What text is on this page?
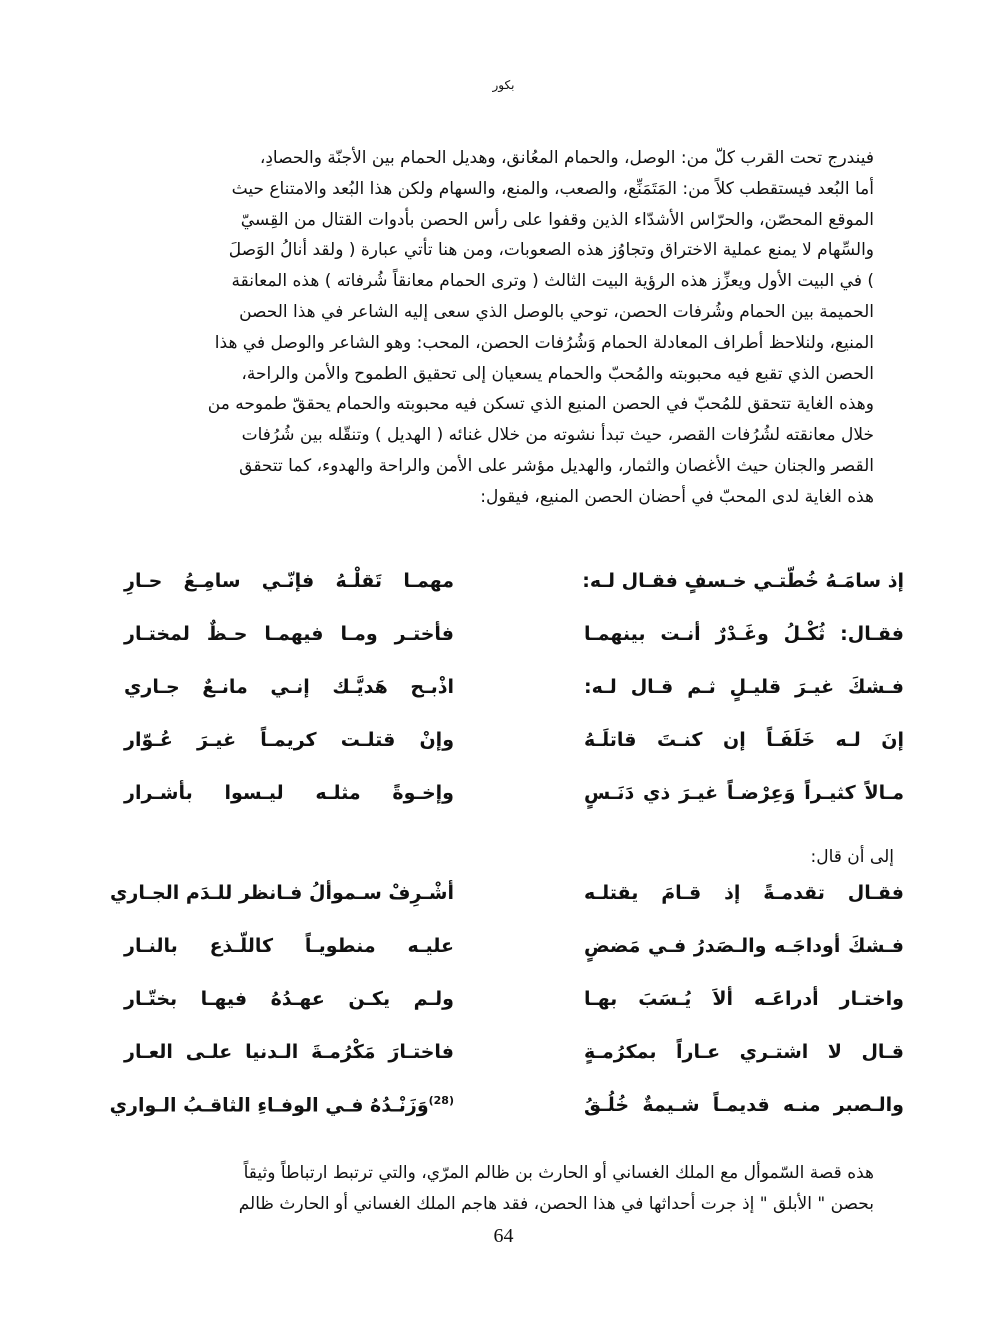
بكور

فيندرج تحت القرب كلّ من: الوصل، والحمام المعُانق، وهديل الحمام بين الأجنّة والحصادِ،

أما البُعد فيستقطب كلاً من: المَتَمَنِّع، والصعب، والمنع، والسهام ولكن هذا البُعد والامتناع حيث

الموقع المحصّن، والحرّاس الأشدّاء الذين وقفوا على رأس الحصن بأدوات القتال من القِسيّ

والسِّهام لا يمنع عملية الاختراق وتجاوُز هذه الصعوبات، ومن هنا تأتي عبارة ( ولقد أنالُ الوَصلَ

) في البيت الأول ويعزِّز هذه الرؤية البيت الثالث ( وترى الحمام معانقاً شُرفاته ) هذه المعانقة

الحميمة بين الحمام وشُرفات الحصن، توحي بالوصل الذي سعى إليه الشاعر في هذا الحصن

المنيع، ولنلاحظ أطراف المعادلة الحمام وَشُرُفات الحصن، المحب: وهو الشاعر والوصل في هذا

الحصن الذي تقبع فيه محبوبته والمُحبّ والحمام يسعيان إلى تحقيق الطموح والأمن والراحة،

وهذه الغاية تتحقق للمُحبّ في الحصن المنيع الذي تسكن فيه محبوبته والحمام يحققّ طموحه من

خلال معانقته لشُرُفات القصر، حيث تبدأ نشوته من خلال غنائه ( الهديل ) وتنقّله بين شُرُفات

القصر والجنان حيث الأغصان والثمار، والهديل مؤشر على الأمن والراحة والهدوء، كما تتحقق

هذه الغاية لدى المحبّ في أحضان الحصن المنيع، فيقول:

إذ سامَـهُ خُطّتـي خـسفٍ فقـال لـه:
مهمـا تَقلْـهُ فإنّـي سامِـعُ حـارِ
فقـال: ثُكْـلُ وغَـدْرٌ أنـت بينهمـا
فأختـر ومـا فيهمـا حـظٌ لمختـار
فـشكَ غيـرَ قليـلٍ ثـم قـال لـه:
اذْبـح هَديَّـك إنـي مانـعٌ جـاري
إنَ لـه خَلَفَـاً إن كنـتَ قاتلَـهُ
وإنْ قتلـت كريمـاً غيـرَ عُـوّار
مـالاً كثيـراً وَعِرْضـاً غيـرَ ذي دَنَـسٍ
وإخـوةً مثلـه ليـسوا بأشـرار
إلى أن قال:
فقـال تقدمـةً إذ قـامَ يقتلـه
أشْـرِفْ سـموألُ فـانظر للـدَم الجـاري
فـشكَ أوداجَـه والـصَدرُ فـي مَضضٍ
عليـه منطويـاً كاللّـذع بالنـار
واختـار أدراعَـه ألاَ يُـسَبَ بهـا
ولـم يكـن عهـدُهُ فيهـا بختّـار
قـال لا اشتـري عـاراً بمكرُمـةٍ
فاختـارَ مَكْرُمـةَ الـدنيا علـى العـار
والـصبر منـه قديمـاً شـيمةٌ خُلُـقُ
$^{(28)}$وَزَنْـدُهُ فـي الوفـاءِ الثاقـبُ الـواري

هذه قصة السّموأل مع الملك الغساني أو الحارث بن ظالم المرّي، والتي ترتبط ارتباطاً وثيقاً

بحصن " الأبلق " إذ جرت أحداثها في هذا الحصن، فقد هاجم الملك الغساني أو الحارث ظالم

64
